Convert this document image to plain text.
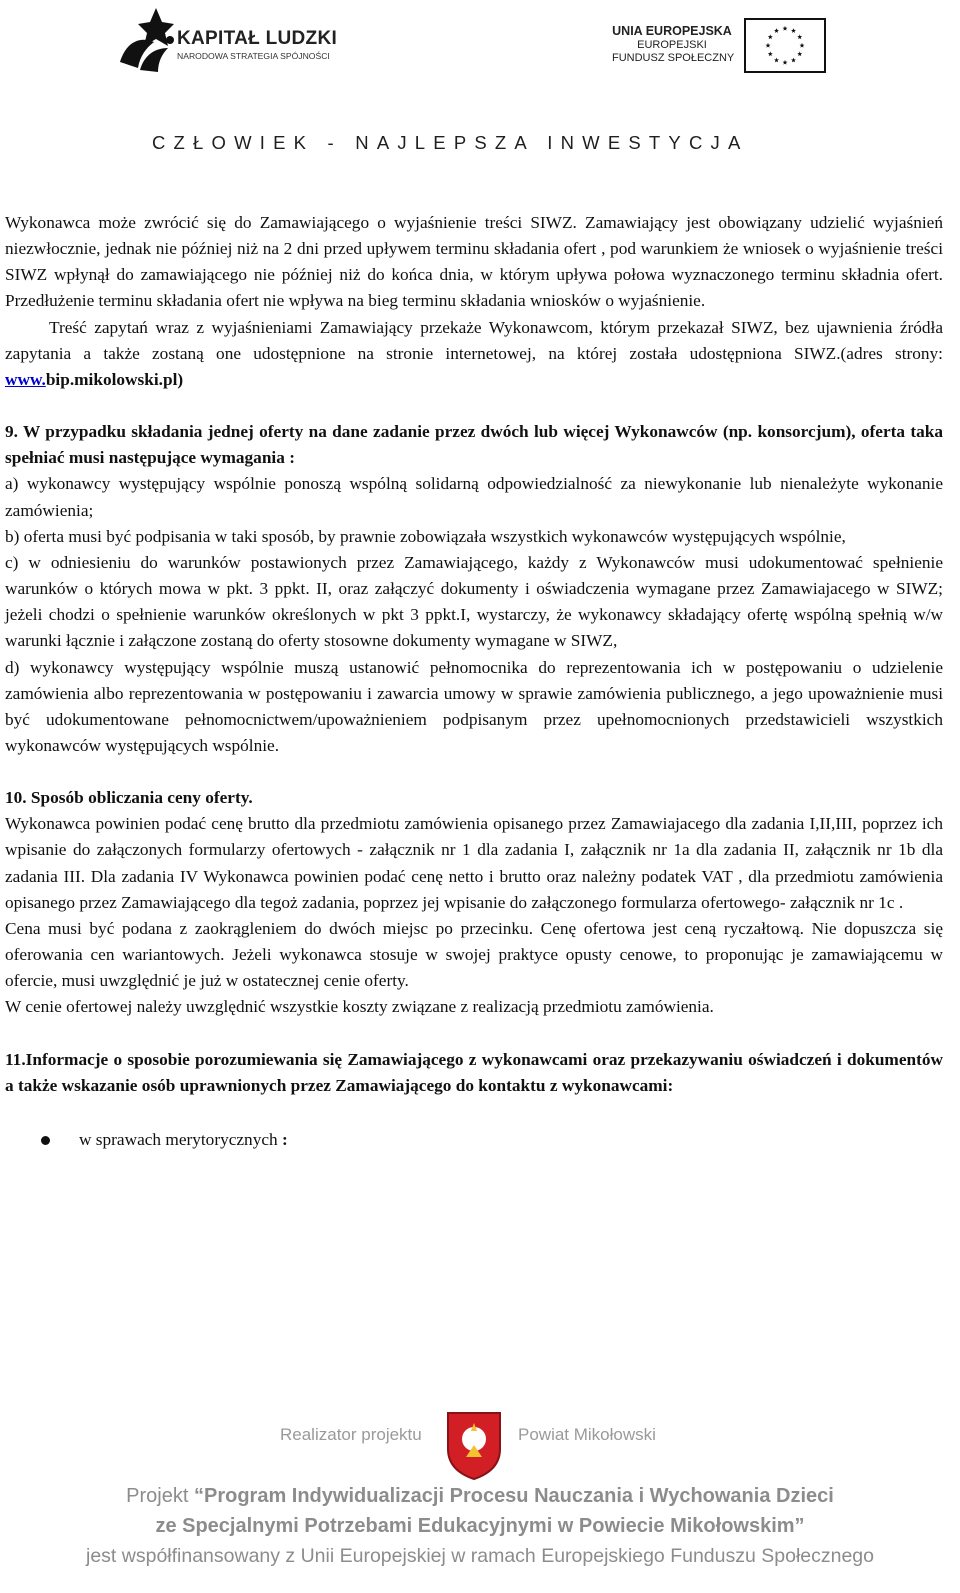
KAPITAŁ LUDZKI
NARODOWA STRATEGIA SPÓJNOŚCI
UNIA EUROPEJSKA
EUROPEJSKI
FUNDUSZ SPOŁECZNY
CZŁOWIEK - NAJLEPSZA INWESTYCJA

Wykonawca może zwrócić się do Zamawiającego o wyjaśnienie treści SIWZ. Zamawiający jest obowiązany udzielić wyjaśnień niezwłocznie, jednak nie później niż na 2 dni przed upływem terminu składania ofert , pod warunkiem że wniosek o wyjaśnienie treści SIWZ wpłynął do zamawiającego nie później niż do końca dnia, w którym upływa połowa wyznaczonego terminu składnia ofert. Przedłużenie terminu składania ofert nie wpływa na bieg terminu składania wniosków o wyjaśnienie.

Treść zapytań wraz z wyjaśnieniami Zamawiający przekaże Wykonawcom, którym przekazał SIWZ, bez ujawnienia źródła zapytania a także zostaną one udostępnione na stronie internetowej, na której została udostępniona SIWZ.(adres strony: www.bip.mikolowski.pl)

9. W przypadku składania jednej oferty na dane zadanie przez dwóch lub więcej Wykonawców (np. konsorcjum), oferta taka spełniać musi następujące wymagania :

a) wykonawcy występujący wspólnie ponoszą wspólną solidarną odpowiedzialność za niewykonanie lub nienależyte wykonanie zamówienia;

b) oferta musi być podpisania w taki sposób, by prawnie zobowiązała wszystkich wykonawców występujących wspólnie,

c) w odniesieniu do warunków postawionych przez Zamawiającego, każdy z Wykonawców musi udokumentować spełnienie warunków o których mowa w pkt. 3 ppkt. II, oraz załączyć dokumenty i oświadczenia wymagane przez Zamawiajacego w SIWZ; jeżeli chodzi o spełnienie warunków określonych w pkt 3 ppkt.I, wystarczy, że wykonawcy składający ofertę wspólną spełnią w/w warunki łącznie i załączone zostaną do oferty stosowne dokumenty wymagane w SIWZ,

d) wykonawcy występujący wspólnie muszą ustanowić pełnomocnika do reprezentowania ich w postępowaniu o udzielenie zamówienia albo reprezentowania w postępowaniu i zawarcia umowy w sprawie zamówienia publicznego, a jego upoważnienie musi być udokumentowane pełnomocnictwem/upoważnieniem podpisanym przez upełnomocnionych przedstawicieli wszystkich wykonawców występujących wspólnie.

10. Sposób obliczania ceny oferty.

Wykonawca powinien podać cenę brutto dla przedmiotu zamówienia opisanego przez Zamawiajacego dla zadania I,II,III, poprzez ich wpisanie do załączonych formularzy ofertowych - załącznik nr 1 dla zadania I, załącznik nr 1a dla zadania II, załącznik nr 1b dla zadania III. Dla zadania IV Wykonawca powinien podać cenę netto i brutto oraz należny podatek VAT , dla przedmiotu zamówienia opisanego przez Zamawiającego dla tegoż zadania, poprzez jej wpisanie do załączonego formularza ofertowego- załącznik nr 1c .

Cena musi być podana z zaokrągleniem do dwóch miejsc po przecinku. Cenę ofertowa jest ceną ryczałtową. Nie dopuszcza się oferowania cen wariantowych. Jeżeli wykonawca stosuje w swojej praktyce opusty cenowe, to proponując je zamawiającemu w ofercie, musi uwzględnić je już w ostatecznej cenie oferty.

W cenie ofertowej należy uwzględnić wszystkie koszty związane z realizacją przedmiotu zamówienia.

11.Informacje o sposobie porozumiewania się Zamawiającego z wykonawcami oraz przekazywaniu oświadczeń i dokumentów a także wskazanie osób uprawnionych przez Zamawiającego do kontaktu z wykonawcami:

w sprawach merytorycznych :
Realizator projektu	Powiat Mikołowski
Projekt “Program Indywidualizacji Procesu Nauczania i Wychowania Dzieci
ze Specjalnymi Potrzebami Edukacyjnymi w Powiecie Mikołowskim”
jest współfinansowany z Unii Europejskiej w ramach Europejskiego Funduszu Społecznego
